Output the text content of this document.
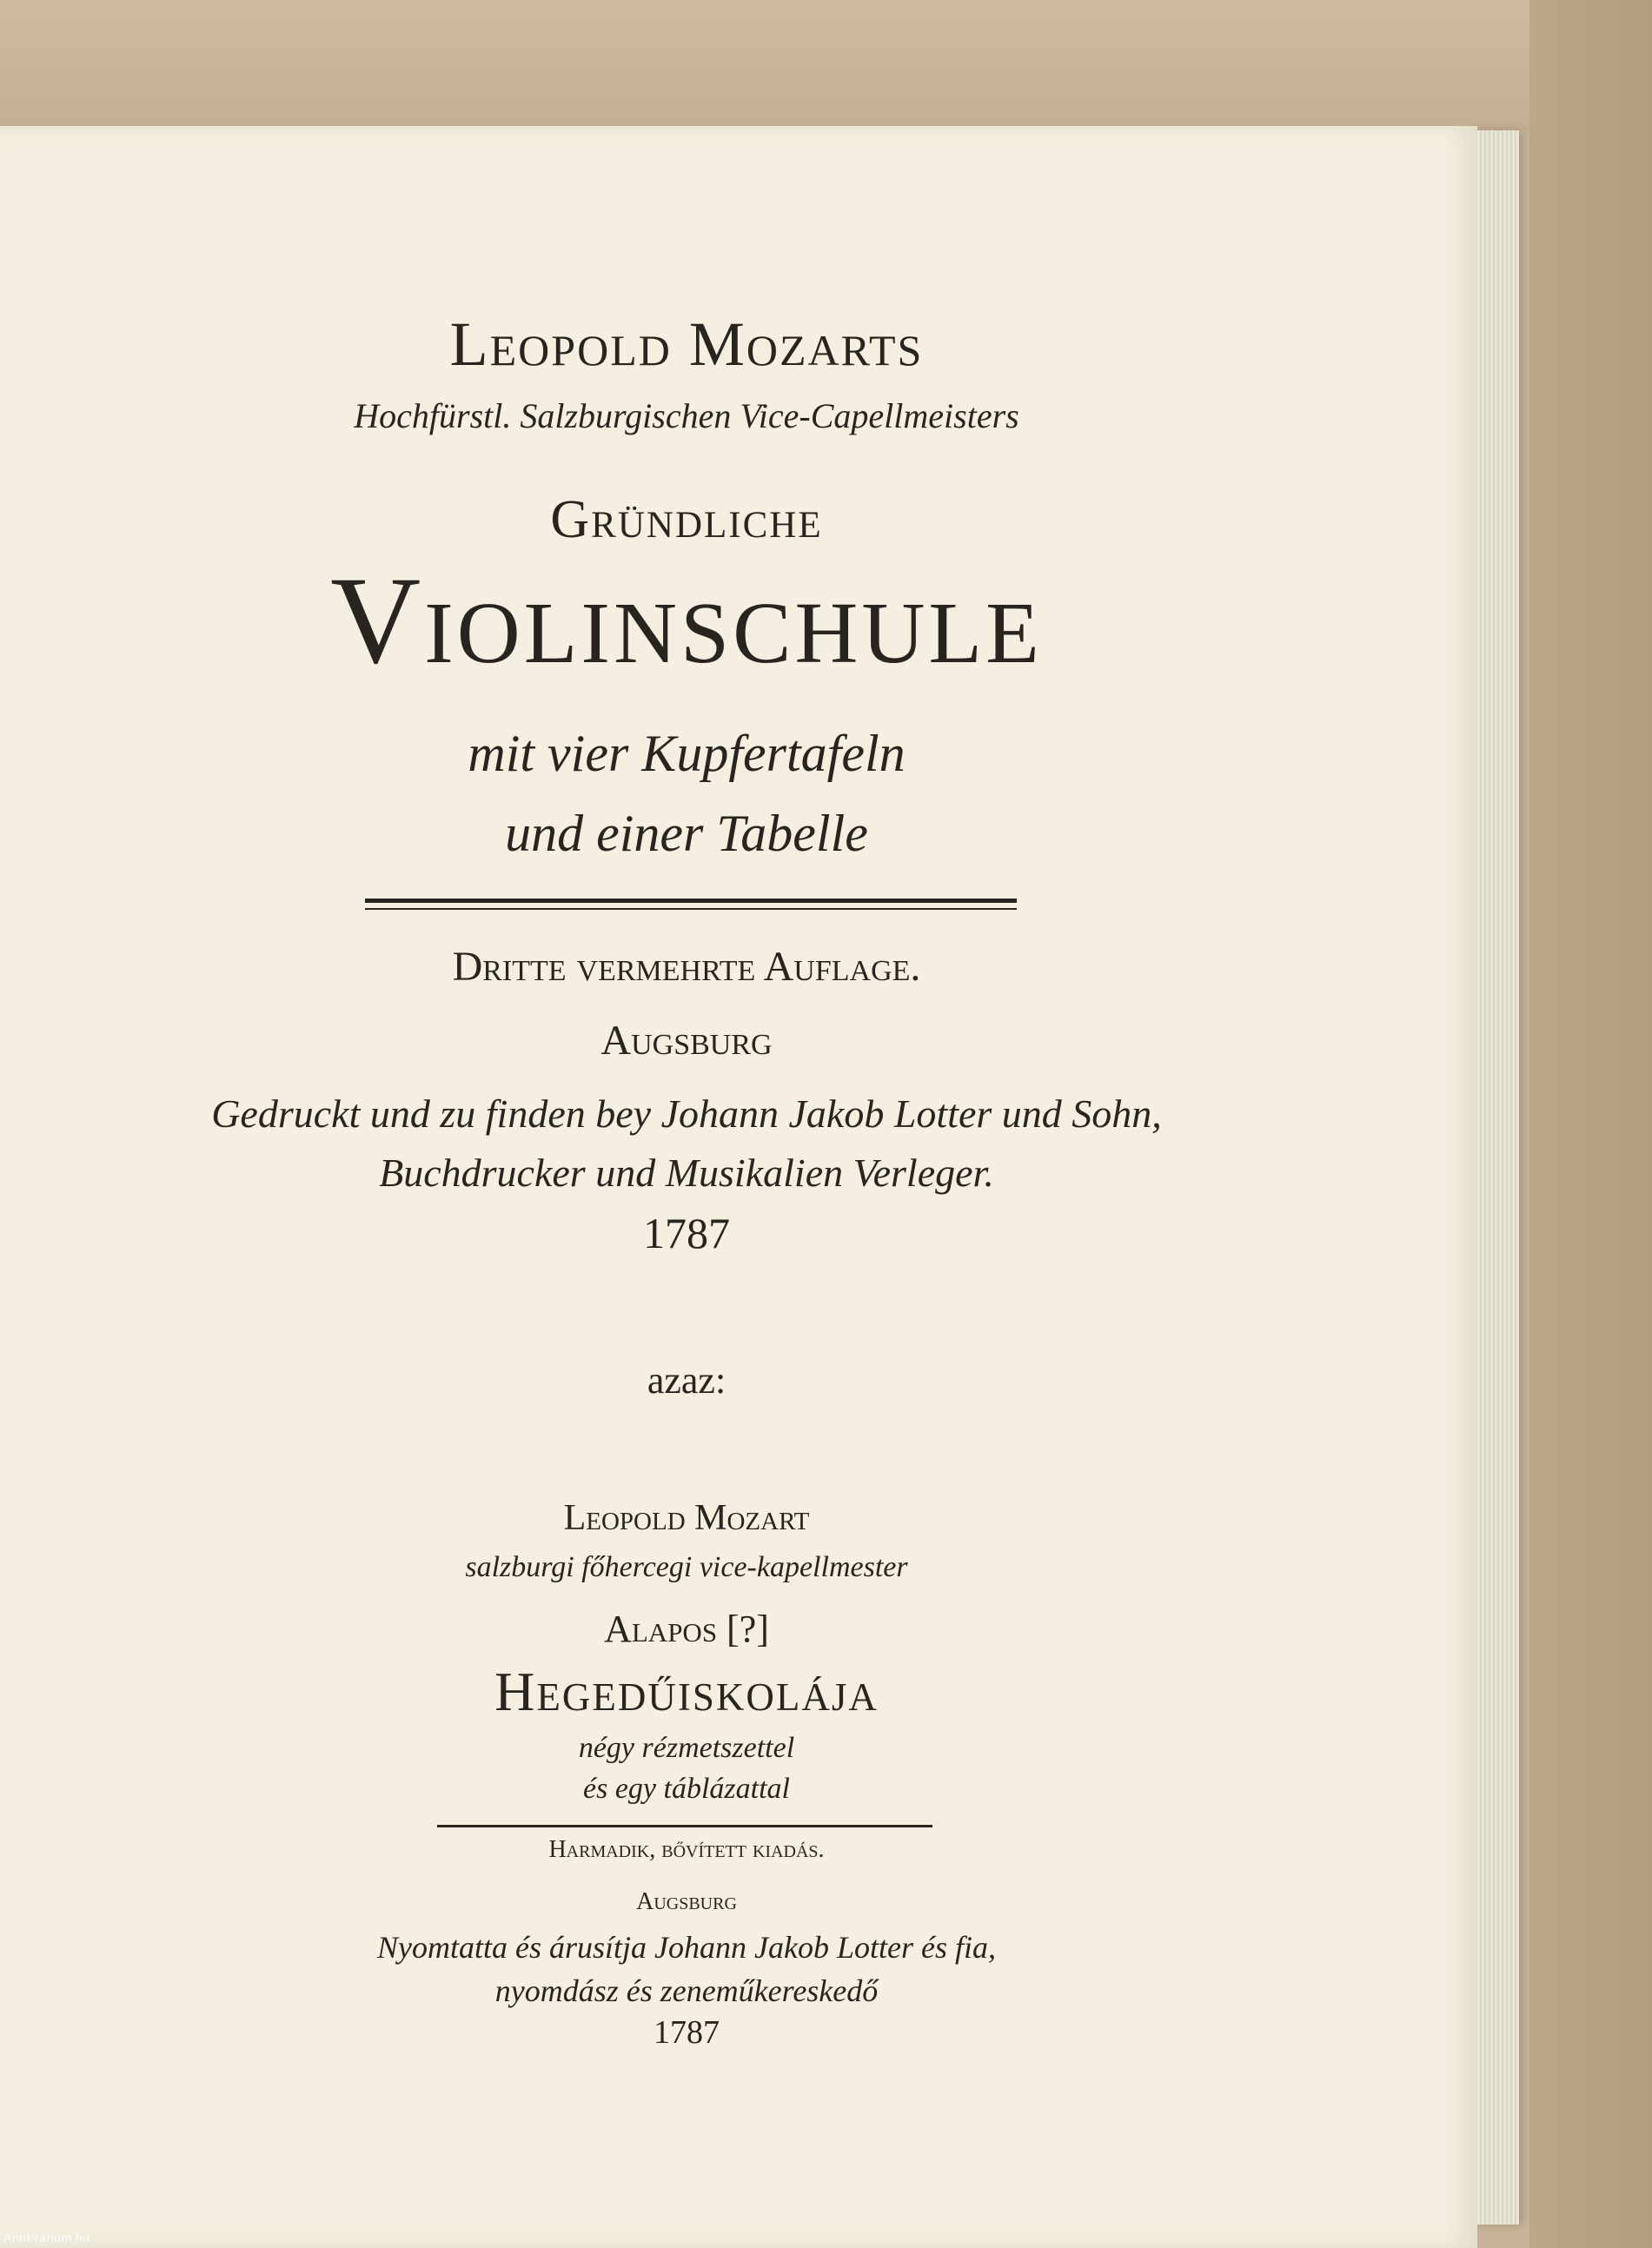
Leopold Mozarts
Hochfürstl. Salzburgischen Vice-Capellmeisters
Gründliche
Violinschule
mit vier Kupfertafeln
und einer Tabelle
Dritte vermehrte Auflage.
Augsburg
Gedruckt und zu finden bey Johann Jakob Lotter und Sohn,
Buchdrucker und Musikalien Verleger.
1787
azaz:
Leopold Mozart
salzburgi főhercegi vice-kapellmester
Alapos [?]
Hegedűiskolája
négy rézmetszettel
és egy táblázattal
Harmadik, bővített kiadás.
Augsburg
Nyomtatta és árusítja Johann Jakob Lotter és fia,
nyomdász és zeneműkereskedő
1787
Antikvarium.hu
